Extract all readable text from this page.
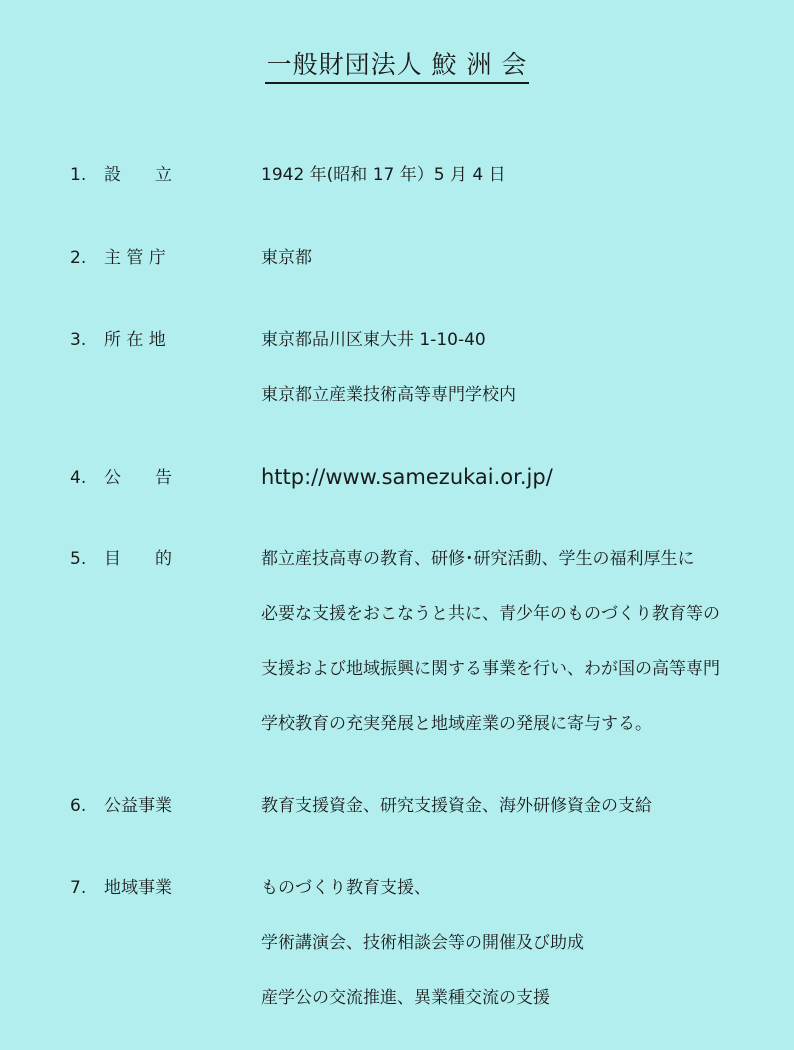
一般財団法人 鮫 洲 会
1.	設　　立	1942 年(昭和 17 年）5 月 4 日
2.	主 管 庁	東京都
3.	所 在 地	東京都品川区東大井 1-10-40
東京都立産業技術高等専門学校内
4.	公　　告	http://www.samezukai.or.jp/
5.	目　　的	都立産技高専の教育、研修･研究活動、学生の福利厚生に
必要な支援をおこなうと共に、青少年のものづくり教育等の
支援および地域振興に関する事業を行い、わが国の高等専門
学校教育の充実発展と地域産業の発展に寄与する。
6.	公益事業	教育支援資金、研究支援資金、海外研修資金の支給
7.	地域事業	ものづくり教育支援、
学術講演会、技術相談会等の開催及び助成
産学公の交流推進、異業種交流の支援
